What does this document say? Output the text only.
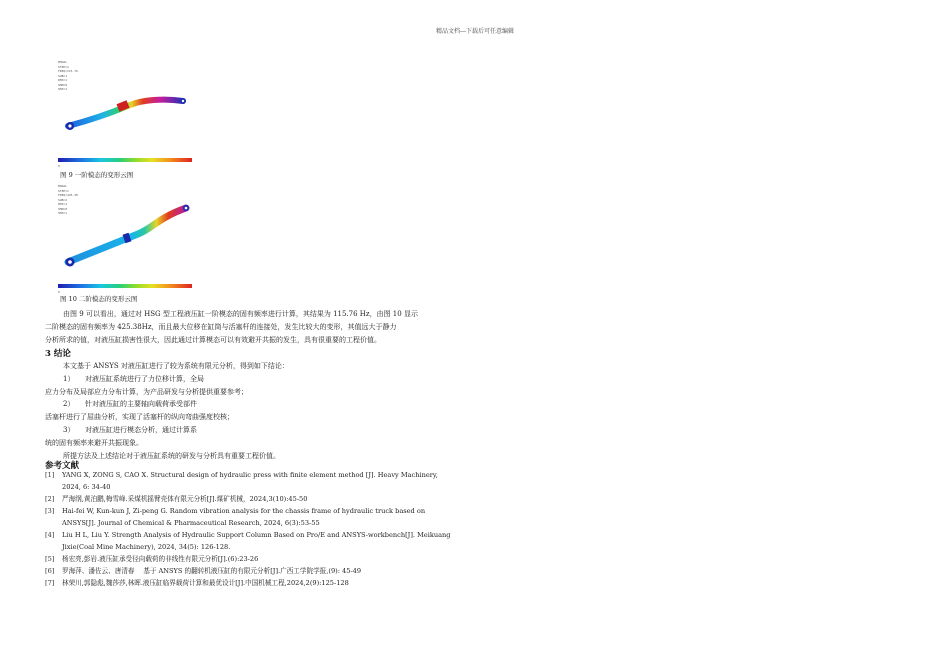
精品文档---下载后可任意编辑
MODAL
STEP=1
FREQ=115.76
SUB=1
DMX=1
SMN=0
SMX=1
0
图 9 一阶模态的变形云图
MODAL
STEP=1
FREQ=425.38
SUB=2
DMX=1
SMN=0
SMX=1
0
图 10 二阶模态的变形云图
由图 9 可以看出，通过对 HSG 型工程液压缸一阶模态的固有频率进行计算，其结果为 115.76 Hz，由图 10 显示
二阶模态的固有频率为 425.38Hz，而且最大位移在缸筒与活塞杆的连接处，发生比较大的变形，其值远大于静力
分析所求的值，对液压缸损害性很大，因此通过计算模态可以有效避开共振的发生，具有很重要的工程价值。
3 结论
本文基于 ANSYS 对液压缸进行了较为系统有限元分析，得到如下结论：
1）　　对液压缸系统进行了力位移计算，全局
应力分布及局部应力分布计算，为产品研发与分析提供重要参考；
2）　　针对液压缸的主要轴向载荷承受部件
活塞杆进行了屈曲分析，实现了活塞杆的纵向弯曲强度校核；
3）　　对液压缸进行模态分析，通过计算系
统的固有频率来避开共振现象。
所提方法及上述结论对于液压缸系统的研发与分析具有重要工程价值。
参考文献
[1]	YANG X, ZONG S, CAO X. Structural design of hydraulic press with finite element method [J]. Heavy Machinery,
2024, 6: 34-40
[2]	严海纲,黄泊鹏,梅雪峰.采煤机摇臂壳体有限元分析[J].煤矿机械，2024,3(10):45-50
[3]	Hai-fei W, Kun-kun J, Zi-peng G. Random vibration analysis for the chassis frame of hydraulic truck based on
ANSYS[J]. Journal of Chemical & Pharmaceutical Research, 2024, 6(3):53-55
[4]	Liu H L, Liu Y. Strength Analysis of Hydraulic Support Column Based on Pro/E and ANSYS-workbench[J]. Meikuang
Jixie(Coal Mine Machinery), 2024, 34(5): 126-128.
[5]	杨宏亮,彭岩.液压缸承受径向载荷的非线性有限元分析[J].(6):23-26
[6]	罗海萍、潘佐云、唐清春　 基于 ANSYS 的翻转机液压缸的有限元分析[J].广西工学院学报,(9): 45-49
[7]	林荣川,郭隐彪,魏莎莎,林晖.液压缸临界载荷计算和最优设计[J].中国机械工程,2024,2(9):125-128
